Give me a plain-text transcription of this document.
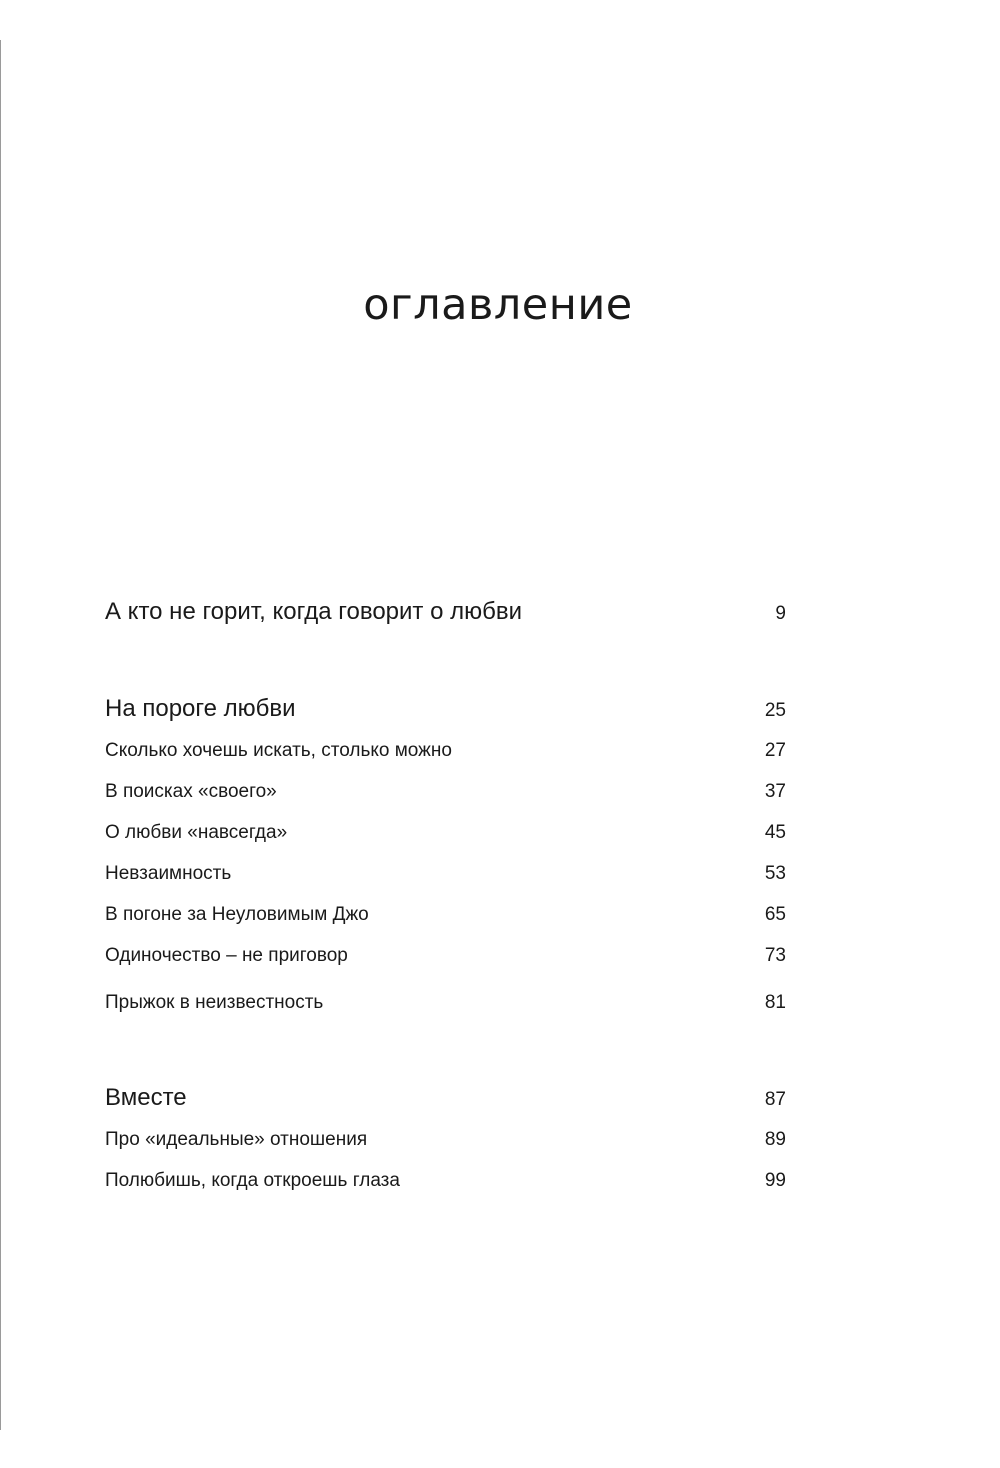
оглавление
А кто не горит, когда говорит о любви	9
На пороге любви	25
Сколько хочешь искать, столько можно	27
В поисках «своего»	37
О любви «навсегда»	45
Невзаимность	53
В погоне за Неуловимым Джо	65
Одиночество – не приговор	73
Прыжок в неизвестность	81
Вместе	87
Про «идеальные» отношения	89
Полюбишь, когда откроешь глаза	99
